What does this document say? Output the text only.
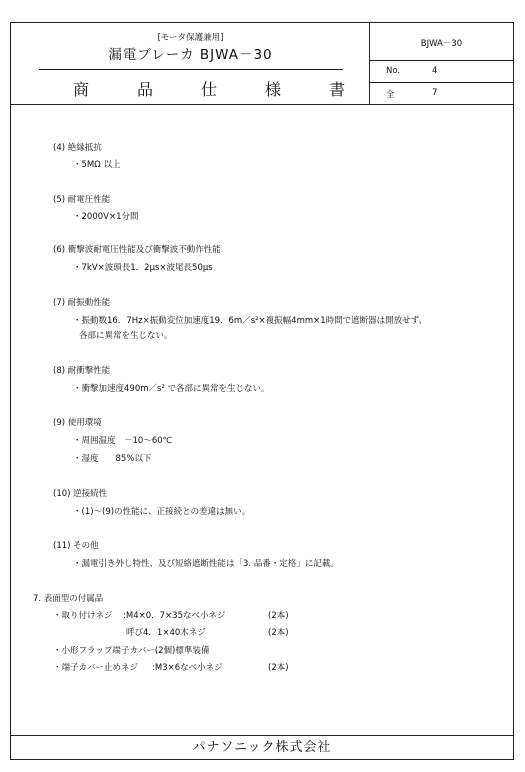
[モータ保護兼用]
漏電ブレーカ BJWA－30
商	品	仕	様	書
BJWA－30
No.	4
全	7
(4) 絶縁抵抗
・5MΩ 以上
(5) 耐電圧性能
・2000V×1分間
(6) 衝撃波耐電圧性能及び衝撃波不動作性能
・7kV×波頭長1．2μs×波尾長50μs
(7) 耐振動性能
・振動数16．7Hz×振動変位加速度19．6m／s²×複振幅4mm×1時間で遮断器は開放せず、
各部に異常を生じない。
(8) 耐衝撃性能
・衝撃加速度490m／s² で各部に異常を生じない。
(9) 使用環境
・周囲温度　－10～60℃
・湿度　　85%以下
(10) 逆接続性
・(1)～(9)の性能に、正接続との差違は無い。
(11) その他
・漏電引き外し特性、及び短絡遮断性能は「3. 品番・定格」に記載。
7. 表面型の付属品
・取り付けネジ :M4×0．7×35なべ小ネジ	(2本)
呼び4．1×40木ネジ	(2本)
・小形フラップ端子カバー(2個)標準装備
・端子カバー止めネジ :M3×6なべ小ネジ	(2本)
パナソニック株式会社
